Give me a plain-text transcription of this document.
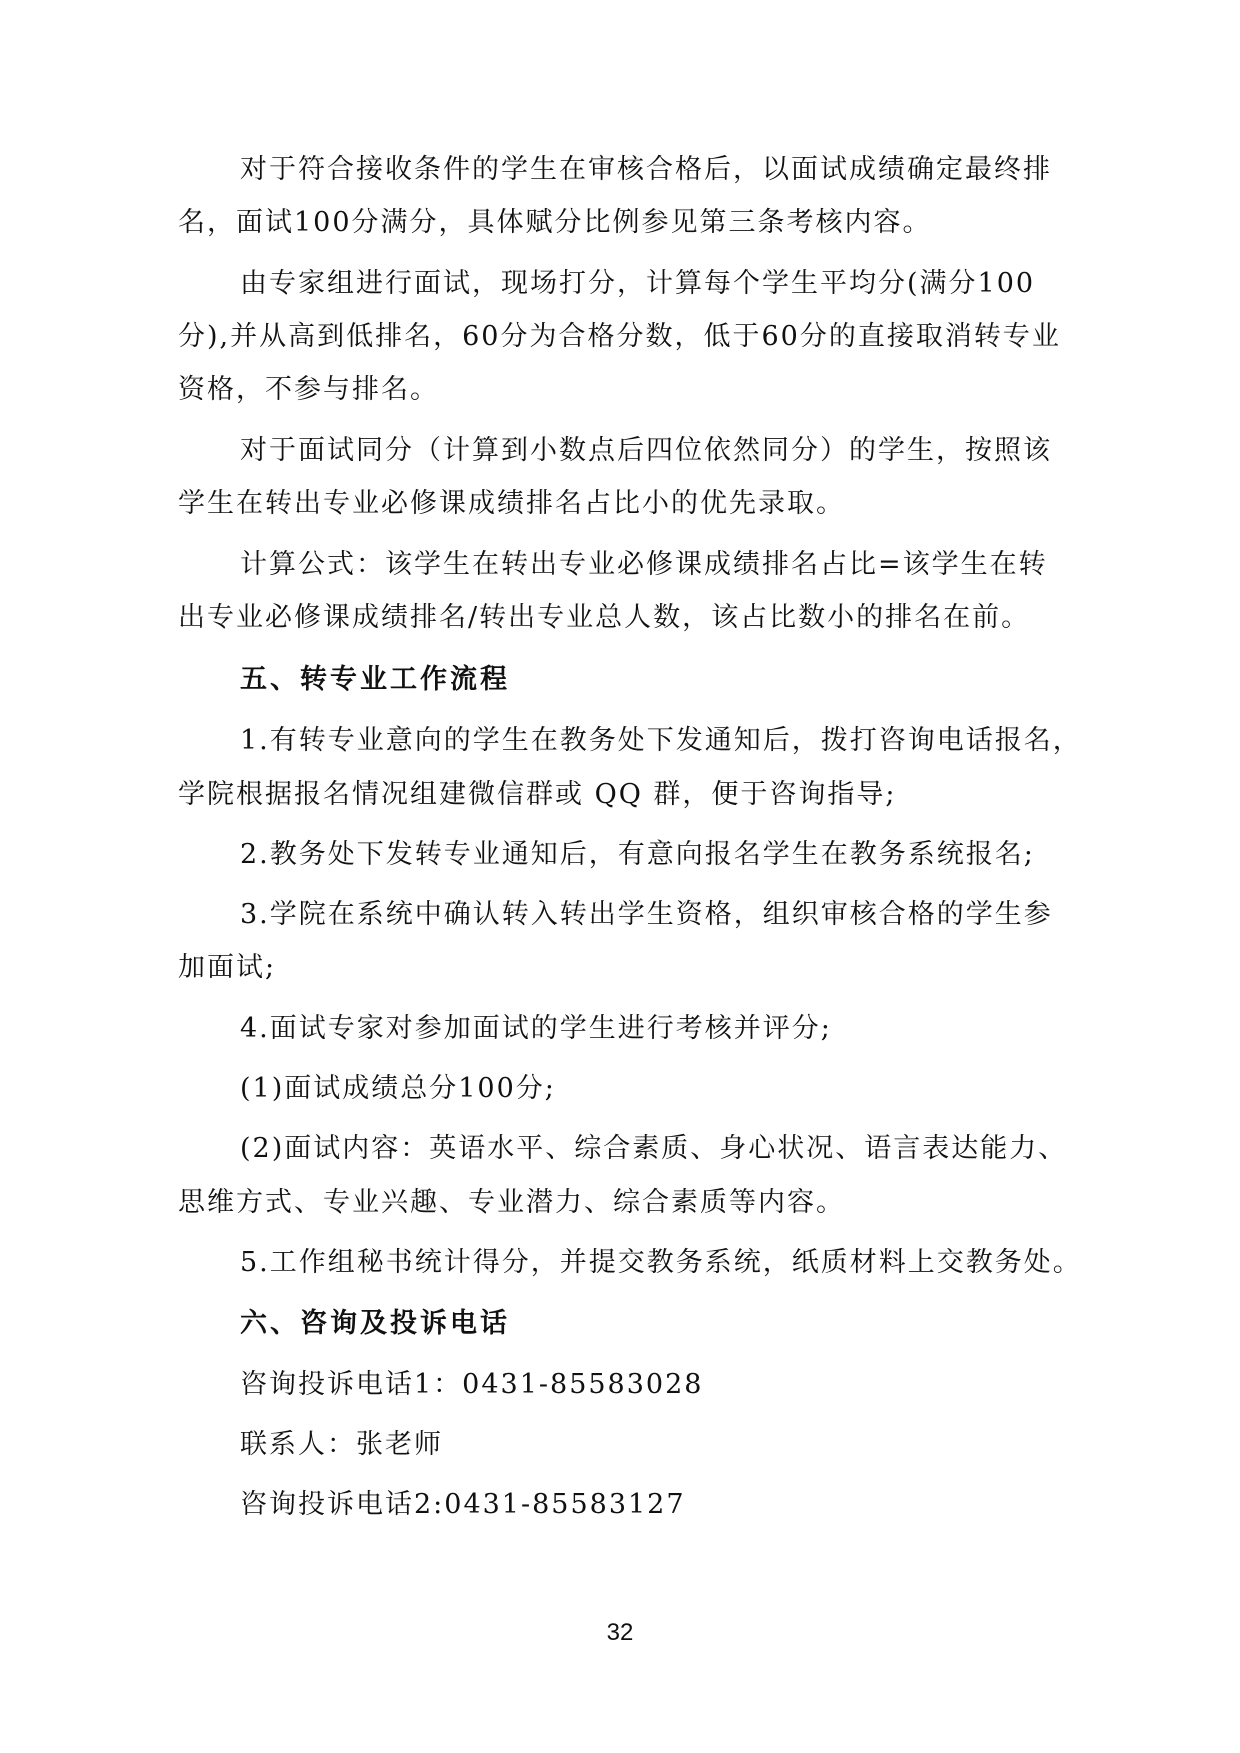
对于符合接收条件的学生在审核合格后，以面试成绩确定最终排
名，面试100分满分，具体赋分比例参见第三条考核内容。
由专家组进行面试，现场打分，计算每个学生平均分(满分100
分),并从高到低排名，60分为合格分数，低于60分的直接取消转专业
资格，不参与排名。
对于面试同分（计算到小数点后四位依然同分）的学生，按照该
学生在转出专业必修课成绩排名占比小的优先录取。
计算公式：该学生在转出专业必修课成绩排名占比=该学生在转
出专业必修课成绩排名/转出专业总人数，该占比数小的排名在前。
五、转专业工作流程
1.有转专业意向的学生在教务处下发通知后，拨打咨询电话报名，
学院根据报名情况组建微信群或 QQ 群，便于咨询指导;
2.教务处下发转专业通知后，有意向报名学生在教务系统报名;
3.学院在系统中确认转入转出学生资格，组织审核合格的学生参
加面试;
4.面试专家对参加面试的学生进行考核并评分;
(1)面试成绩总分100分;
(2)面试内容：英语水平、综合素质、身心状况、语言表达能力、
思维方式、专业兴趣、专业潜力、综合素质等内容。
5.工作组秘书统计得分，并提交教务系统，纸质材料上交教务处。
六、咨询及投诉电话
咨询投诉电话1：0431-85583028
联系人：张老师
咨询投诉电话2:0431-85583127
32
